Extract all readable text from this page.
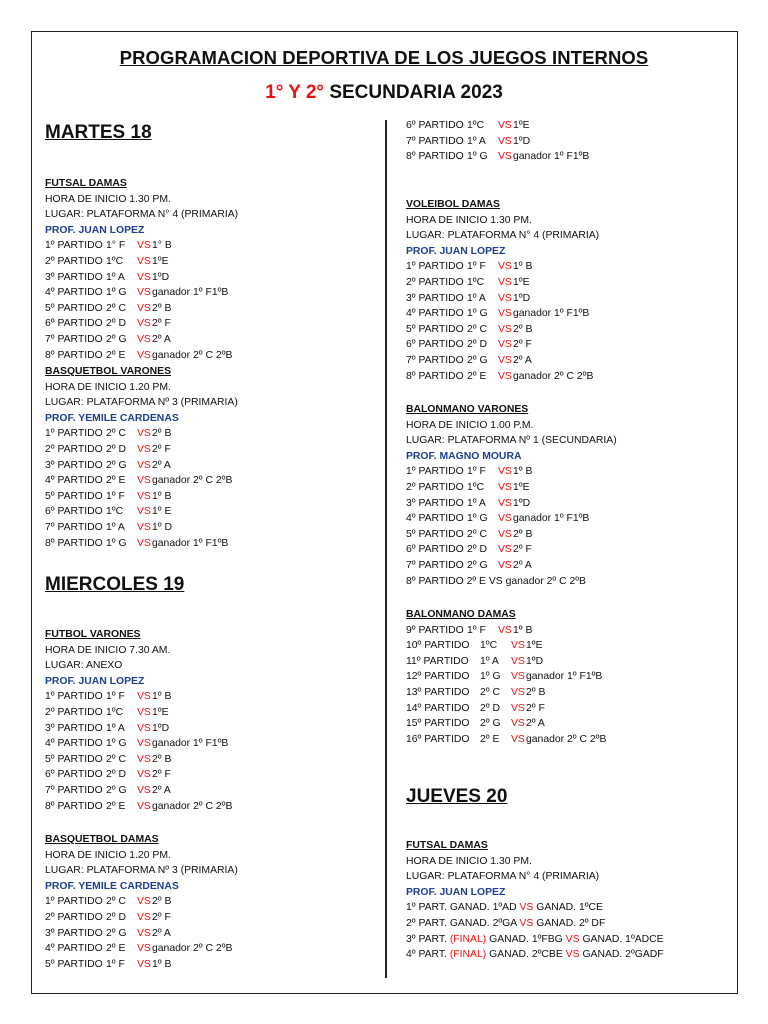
PROGRAMACION DEPORTIVA DE LOS JUEGOS INTERNOS
1° Y 2° SECUNDARIA 2023
MARTES 18
FUTSAL DAMAS
HORA DE INICIO 1.30 PM.
LUGAR: PLATAFORMA N° 4 (PRIMARIA)
PROF. JUAN LOPEZ
1º PARTIDO 1° F VS 1° B
2º PARTIDO 1ºC VS 1ºE
3º PARTIDO 1º A VS 1ºD
4º PARTIDO 1º G VS ganador 1º F1ºB
5º PARTIDO 2º C VS 2º B
6º PARTIDO 2º D VS 2º F
7º PARTIDO 2º G VS 2º A
8º PARTIDO 2º E VS ganador 2º C 2ºB
BASQUETBOL VARONES
HORA DE INICIO 1.20 PM.
LUGAR: PLATAFORMA Nº 3 (PRIMARIA)
PROF. YEMILE CARDENAS
1º PARTIDO 2º C VS 2º B
2º PARTIDO 2º D VS 2º F
3º PARTIDO 2º G VS 2º A
4º PARTIDO 2º E VS ganador 2º C 2ºB
5º PARTIDO 1º F VS 1º B
6º PARTIDO 1ºC VS 1º E
7º PARTIDO 1º A VS 1º D
8º PARTIDO 1º G VS ganador 1º F1ºB
MIERCOLES 19
FUTBOL VARONES
HORA DE INICIO 7.30 AM.
LUGAR: ANEXO
PROF. JUAN LOPEZ
1º PARTIDO 1º F VS 1º B
2º PARTIDO 1ºC VS 1ºE
3º PARTIDO 1º A VS 1ºD
4º PARTIDO 1º G VS ganador 1º F1ºB
5º PARTIDO 2º C VS 2º B
6º PARTIDO 2º D VS 2º F
7º PARTIDO 2º G VS 2º A
8º PARTIDO 2º E VS ganador 2º C 2ºB
BASQUETBOL DAMAS
HORA DE INICIO 1.20 PM.
LUGAR: PLATAFORMA Nº 3 (PRIMARIA)
PROF. YEMILE CARDENAS
1º PARTIDO 2º C VS 2º B
2º PARTIDO 2º D VS 2º F
3º PARTIDO 2º G VS 2º A
4º PARTIDO 2º E VS ganador 2º C 2ºB
5º PARTIDO 1º F VS 1º B
6º PARTIDO 1ºC VS 1ºE
7º PARTIDO 1º A VS 1ºD
8º PARTIDO 1º G VS ganador 1º F1ºB
VOLEIBOL DAMAS
HORA DE INICIO 1.30 PM.
LUGAR: PLATAFORMA N° 4 (PRIMARIA)
PROF. JUAN LOPEZ
1º PARTIDO 1º F VS 1º B
2º PARTIDO 1ºC VS 1ºE
3º PARTIDO 1º A VS 1ºD
4º PARTIDO 1º G VS ganador 1º F1ºB
5º PARTIDO 2º C VS 2º B
6º PARTIDO 2º D VS 2º F
7º PARTIDO 2º G VS 2º A
8º PARTIDO 2º E VS ganador 2º C 2ºB
BALONMANO VARONES
HORA DE INICIO 1.00 P.M.
LUGAR: PLATAFORMA Nº 1 (SECUNDARIA)
PROF. MAGNO MOURA
1º PARTIDO 1º F VS 1º B
2º PARTIDO 1ºC VS 1ºE
3º PARTIDO 1º A VS 1ºD
4º PARTIDO 1º G VS ganador 1º F1ºB
5º PARTIDO 2º C VS 2º B
6º PARTIDO 2º D VS 2º F
7º PARTIDO 2º G VS 2º A
8º PARTIDO 2º E VS ganador 2º C 2ºB
BALONMANO DAMAS
9º PARTIDO 1º F VS 1º B
10º PARTIDO 1ºC VS 1ºE
11º PARTIDO 1º A VS 1ºD
12º PARTIDO 1º G VS ganador 1º F1ºB
13º PARTIDO 2º C VS 2º B
14º PARTIDO 2º D VS 2º F
15º PARTIDO 2º G VS 2º A
16º PARTIDO 2º E VS ganador 2º C 2ºB
JUEVES 20
FUTSAL DAMAS
HORA DE INICIO 1.30 PM.
LUGAR: PLATAFORMA N° 4 (PRIMARIA)
PROF. JUAN LOPEZ
1º PART. GANAD. 1ºAD VS GANAD. 1ºCE
2º PART. GANAD. 2ºGA VS GANAD. 2º DF
3º PART. (FINAL) GANAD. 1ºFBG VS GANAD. 1ºADCE
4º PART. (FINAL) GANAD. 2ºCBE VS GANAD. 2ºGADF
